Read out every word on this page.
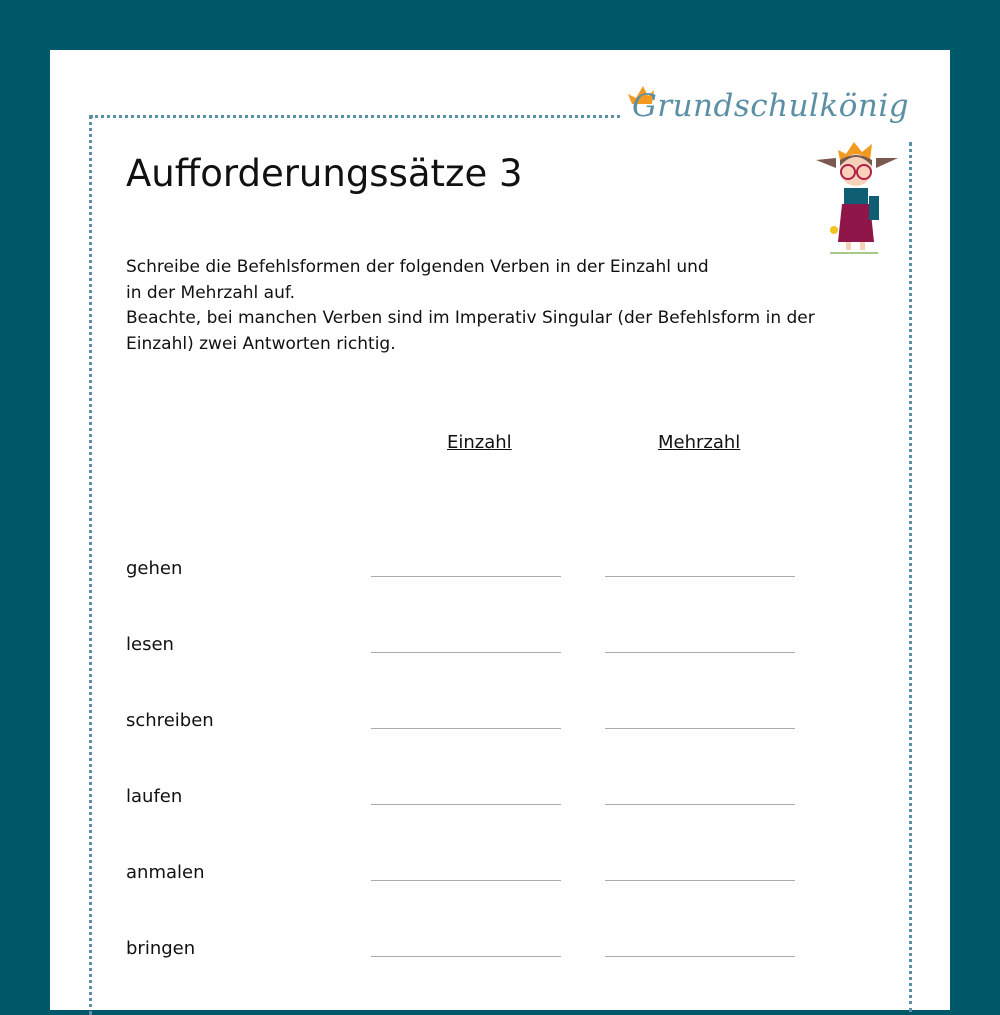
Grundschulkönig
Aufforderungssätze 3
Schreibe die Befehlsformen der folgenden Verben in der Einzahl und
in der Mehrzahl auf.
Beachte, bei manchen Verben sind im Imperativ Singular (der Befehlsform in der
Einzahl) zwei Antworten richtig.
Einzahl	Mehrzahl
gehen
lesen
schreiben
laufen
anmalen
bringen
